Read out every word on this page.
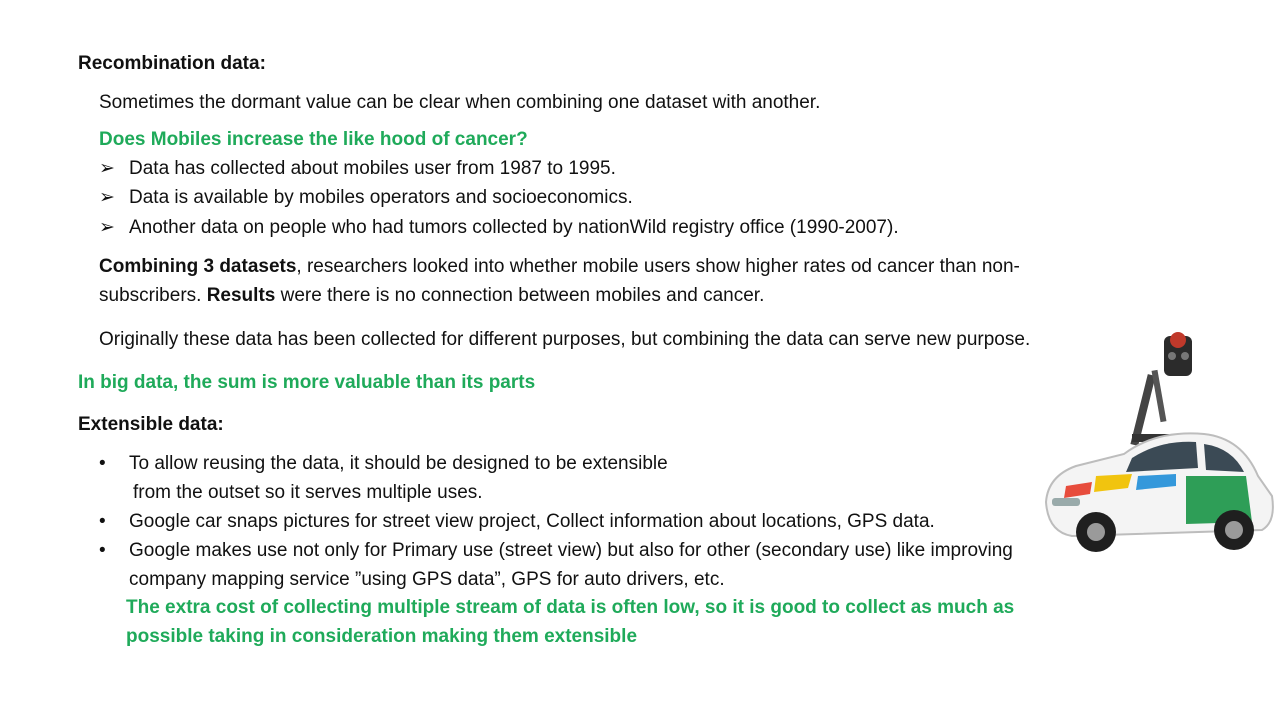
Recombination data:
Sometimes the dormant value can be clear when combining one dataset with another.
Does Mobiles increase the like hood of cancer?
➢ Data has collected about mobiles user from 1987 to 1995.
➢ Data is available by mobiles operators and socioeconomics.
➢ Another data on people who had tumors collected by nationWild registry office (1990-2007).
Combining 3 datasets, researchers looked into whether mobile users show higher rates od cancer than non-
subscribers. Results were there is no connection between mobiles and cancer.
Originally these data has been collected for different purposes, but combining the data can serve new purpose.
In big data, the sum is more valuable than its parts
Extensible data:
• To allow reusing the data, it should be designed to be extensible
from the outset so it serves multiple uses.
• Google car snaps pictures for street view project, Collect information about locations, GPS data.
• Google makes use not only for Primary use (street view) but also for other (secondary use) like improving
company mapping service ”using GPS data”, GPS for auto drivers, etc.
The extra cost of collecting multiple stream of data is often low, so it is good to collect as much as
possible taking in consideration making them extensible
